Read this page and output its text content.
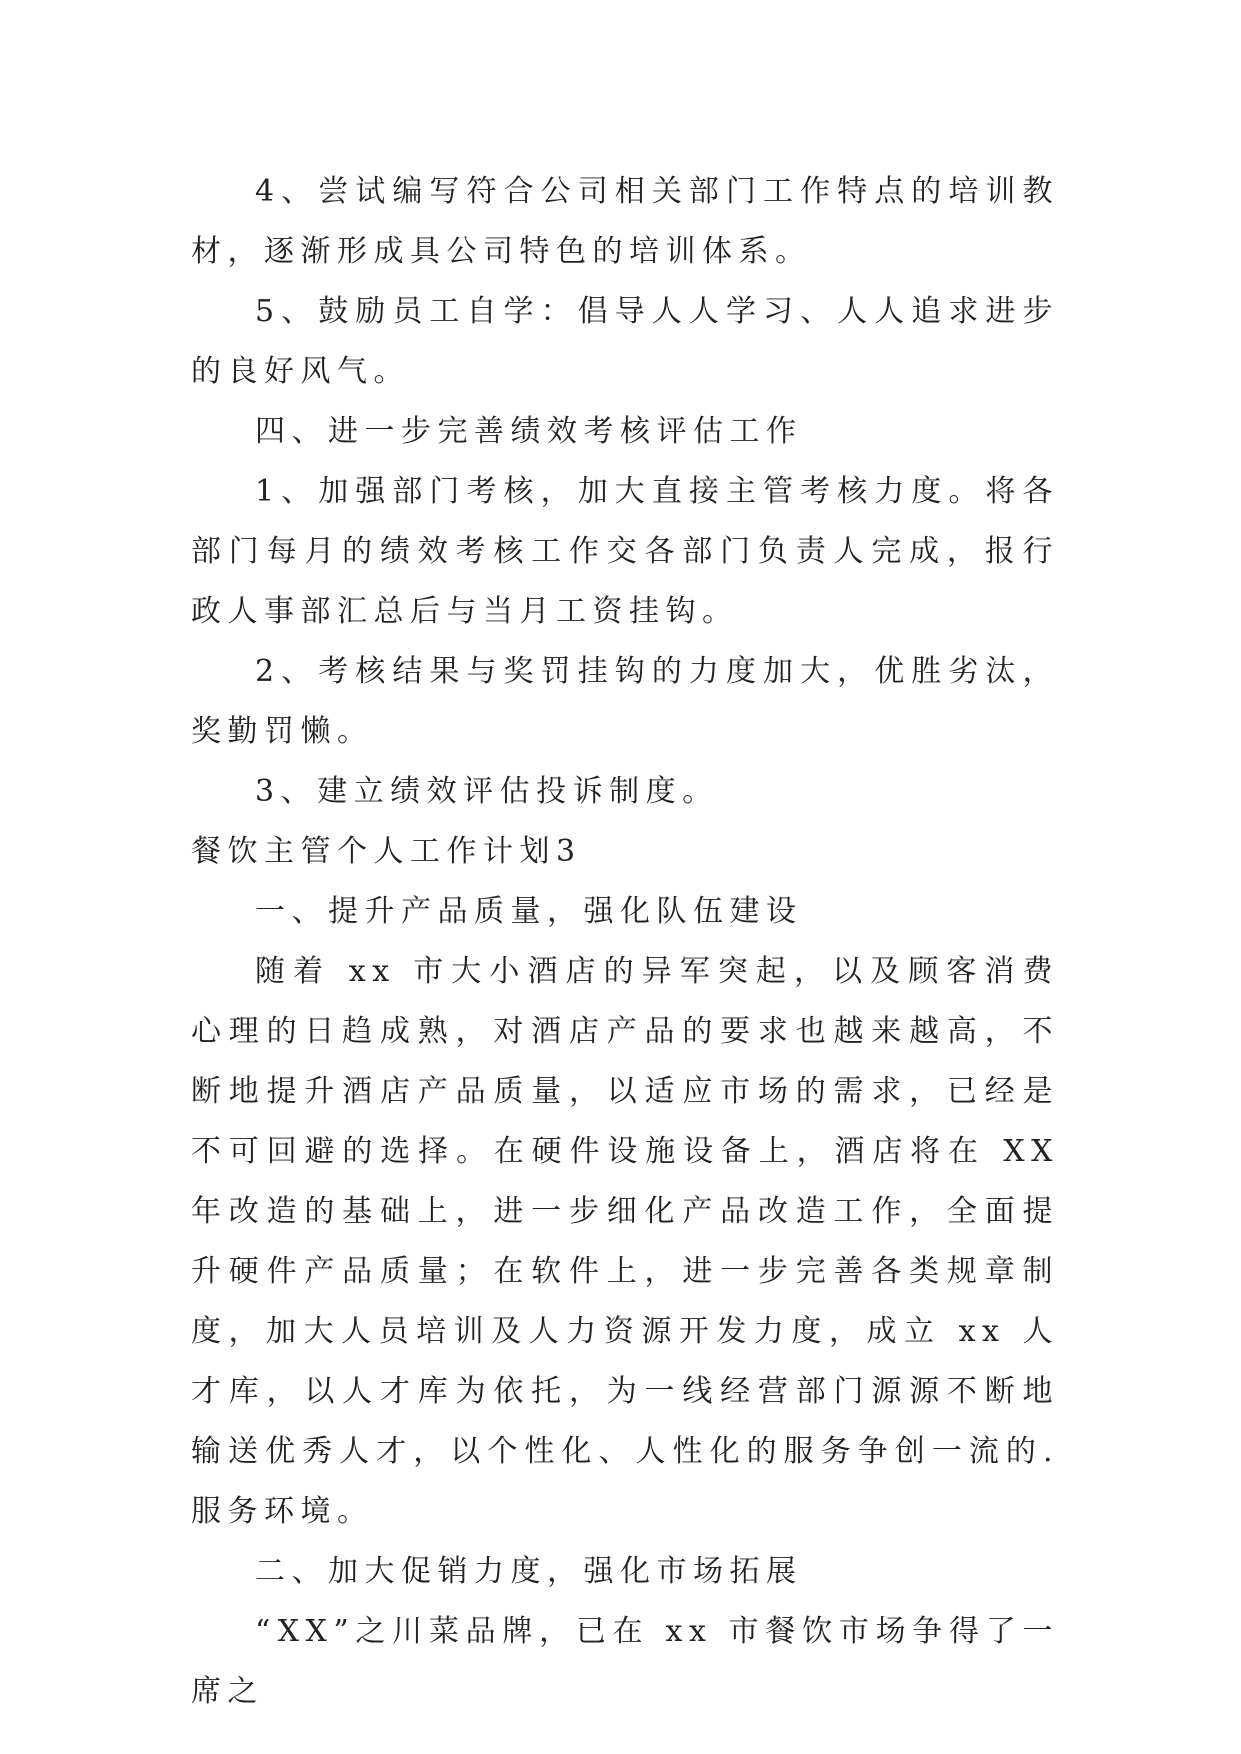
4、尝试编写符合公司相关部门工作特点的培训教材，逐渐形成具公司特色的培训体系。

5、鼓励员工自学：倡导人人学习、人人追求进步的良好风气。

四、进一步完善绩效考核评估工作

1、加强部门考核，加大直接主管考核力度。将各部门每月的绩效考核工作交各部门负责人完成，报行政人事部汇总后与当月工资挂钩。

2、考核结果与奖罚挂钩的力度加大，优胜劣汰，奖勤罚懒。

3、建立绩效评估投诉制度。

餐饮主管个人工作计划3

一、提升产品质量，强化队伍建设

随着 xx 市大小酒店的异军突起，以及顾客消费心理的日趋成熟，对酒店产品的要求也越来越高，不断地提升酒店产品质量，以适应市场的需求，已经是不可回避的选择。在硬件设施设备上，酒店将在 XX 年改造的基础上，进一步细化产品改造工作，全面提升硬件产品质量；在软件上，进一步完善各类规章制度，加大人员培训及人力资源开发力度，成立 xx 人才库，以人才库为依托，为一线经营部门源源不断地输送优秀人才，以个性化、人性化的服务争创一流的.服务环境。

二、加大促销力度，强化市场拓展

“XX”之川菜品牌，已在 xx 市餐饮市场争得了一席之
